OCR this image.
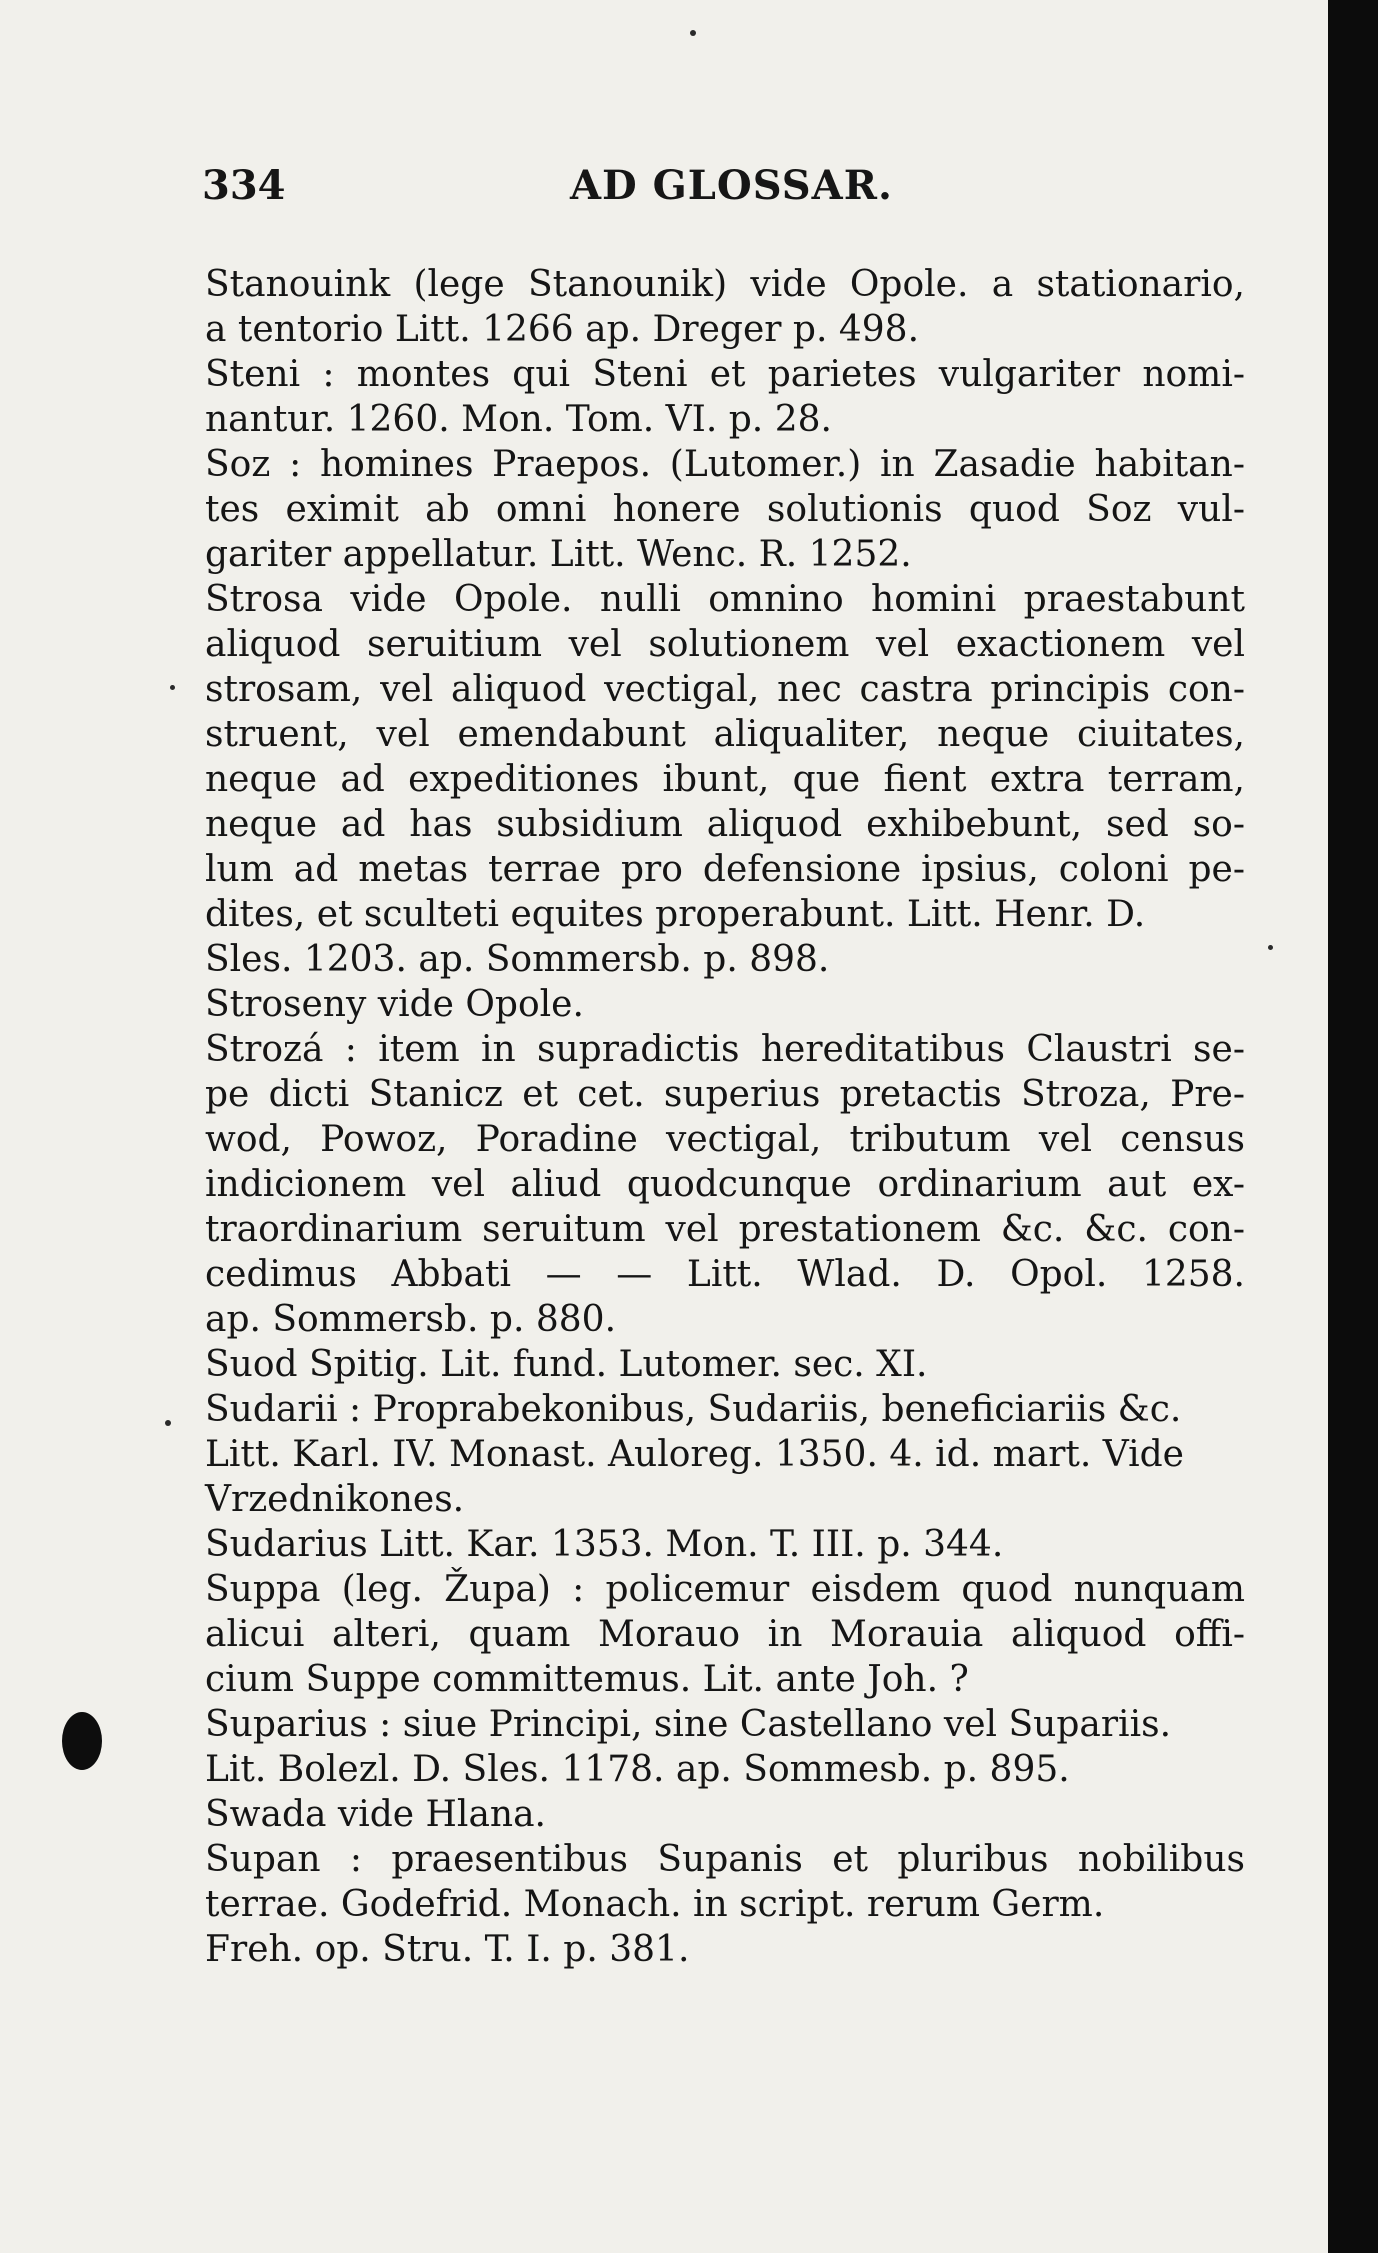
334	AD GLOSSAR.
Stanouink (lege Stanounik) vide Opole. a stationario,
a tentorio Litt. 1266 ap. Dreger p. 498.
Steni : montes qui Steni et parietes vulgariter nomi-
nantur. 1260. Mon. Tom. VI. p. 28.
Soz : homines Praepos. (Lutomer.) in Zasadie habitan-
tes eximit ab omni honere solutionis quod Soz vul-
gariter appellatur. Litt. Wenc. R. 1252.
Strosa vide Opole. nulli omnino homini praestabunt
aliquod seruitium vel solutionem vel exactionem vel
strosam, vel aliquod vectigal, nec castra principis con-
struent, vel emendabunt aliqualiter, neque ciuitates,
neque ad expeditiones ibunt, que fient extra terram,
neque ad has subsidium aliquod exhibebunt, sed so-
lum ad metas terrae pro defensione ipsius, coloni pe-
dites, et sculteti equites properabunt. Litt. Henr. D.
Sles. 1203. ap. Sommersb. p. 898.
Stroseny vide Opole.
Strozá : item in supradictis hereditatibus Claustri se-
pe dicti Stanicz et cet. superius pretactis Stroza, Pre-
wod, Powoz, Poradine vectigal, tributum vel census
indicionem vel aliud quodcunque ordinarium aut ex-
traordinarium seruitum vel prestationem &c. &c. con-
cedimus Abbati — — Litt. Wlad. D. Opol. 1258.
ap. Sommersb. p. 880.
Suod Spitig. Lit. fund. Lutomer. sec. XI.
Sudarii : Proprabekonibus, Sudariis, beneficiariis &c.
Litt. Karl. IV. Monast. Auloreg. 1350. 4. id. mart. Vide
Vrzednikones.
Sudarius Litt. Kar. 1353. Mon. T. III. p. 344.
Suppa (leg. Župa) : policemur eisdem quod nunquam
alicui alteri, quam Morauo in Morauia aliquod offi-
cium Suppe committemus. Lit. ante Joh. ?
Suparius : siue Principi, sine Castellano vel Supariis.
Lit. Bolezl. D. Sles. 1178. ap. Sommesb. p. 895.
Swada vide Hlana.
Supan : praesentibus Supanis et pluribus nobilibus
terrae. Godefrid. Monach. in script. rerum Germ.
Freh. op. Stru. T. I. p. 381.
